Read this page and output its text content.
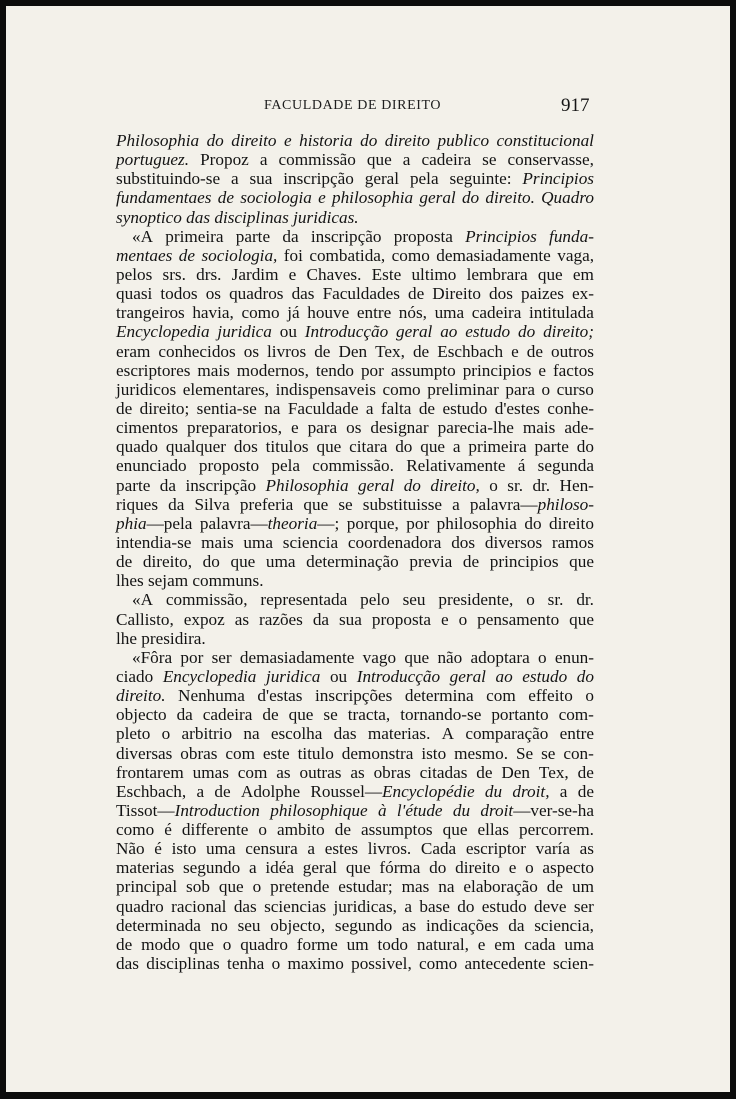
FACULDADE DE DIREITO	917
Philosophia do direito e historia do direito publico constitucional
portuguez. Propoz a commissão que a cadeira se conservasse,
substituindo-se a sua inscripção geral pela seguinte: Principios
fundamentaes de sociologia e philosophia geral do direito. Quadro
synoptico
das
disciplinas
juridicas.

«A primeira parte da inscripção proposta Principios funda-
mentaes de sociologia, foi combatida, como demasiadamente vaga,
pelos srs. drs. Jardim e Chaves. Este ultimo lembrara que em
quasi todos os quadros das Faculdades de Direito dos paizes ex-
trangeiros havia, como já houve entre nós, uma cadeira intitulada
Encyclopedia juridica ou Introducção geral ao estudo do direito;
eram conhecidos os livros de Den Tex, de Eschbach e de outros
escriptores mais modernos, tendo por assumpto principios e factos
juridicos elementares, indispensaveis como preliminar para o curso
de direito; sentia-se na Faculdade a falta de estudo d'estes conhe-
cimentos preparatorios, e para os designar parecia-lhe mais ade-
quado qualquer dos titulos que citara do que a primeira parte do
enunciado proposto pela commissão. Relativamente á segunda
parte da inscripção Philosophia geral do direito, o sr. dr. Hen-
riques da Silva preferia que se substituisse a palavra—philoso-
phia—pela palavra—theoria—; porque, por philosophia do direito
intendia-se mais uma sciencia coordenadora dos diversos ramos
de direito, do que uma determinação previa de principios que
lhes
sejam
communs.

«A commissão, representada pelo seu presidente, o sr. dr.
Callisto, expoz as razões da sua proposta e o pensamento que
lhe
presidira.

«Fôra por ser demasiadamente vago que não adoptara o enun-
ciado Encyclopedia juridica ou Introducção geral ao estudo do
direito. Nenhuma d'estas inscripções determina com effeito o
objecto da cadeira de que se tracta, tornando-se portanto com-
pleto o arbitrio na escolha das materias. A comparação entre
diversas obras com este titulo demonstra isto mesmo. Se se con-
frontarem umas com as outras as obras citadas de Den Tex, de
Eschbach, a de Adolphe Roussel—Encyclopédie du droit, a de
Tissot—Introduction philosophique à l'étude du droit—ver-se-ha
como é differente o ambito de assumptos que ellas percorrem.
Não é isto uma censura a estes livros. Cada escriptor varía as
materias segundo a idéa geral que fórma do direito e o aspecto
principal sob que o pretende estudar; mas na elaboração de um
quadro racional das sciencias juridicas, a base do estudo deve ser
determinada no seu objecto, segundo as indicações da sciencia,
de modo que o quadro forme um todo natural, e em cada uma
das disciplinas tenha o maximo possivel, como antecedente scien-
